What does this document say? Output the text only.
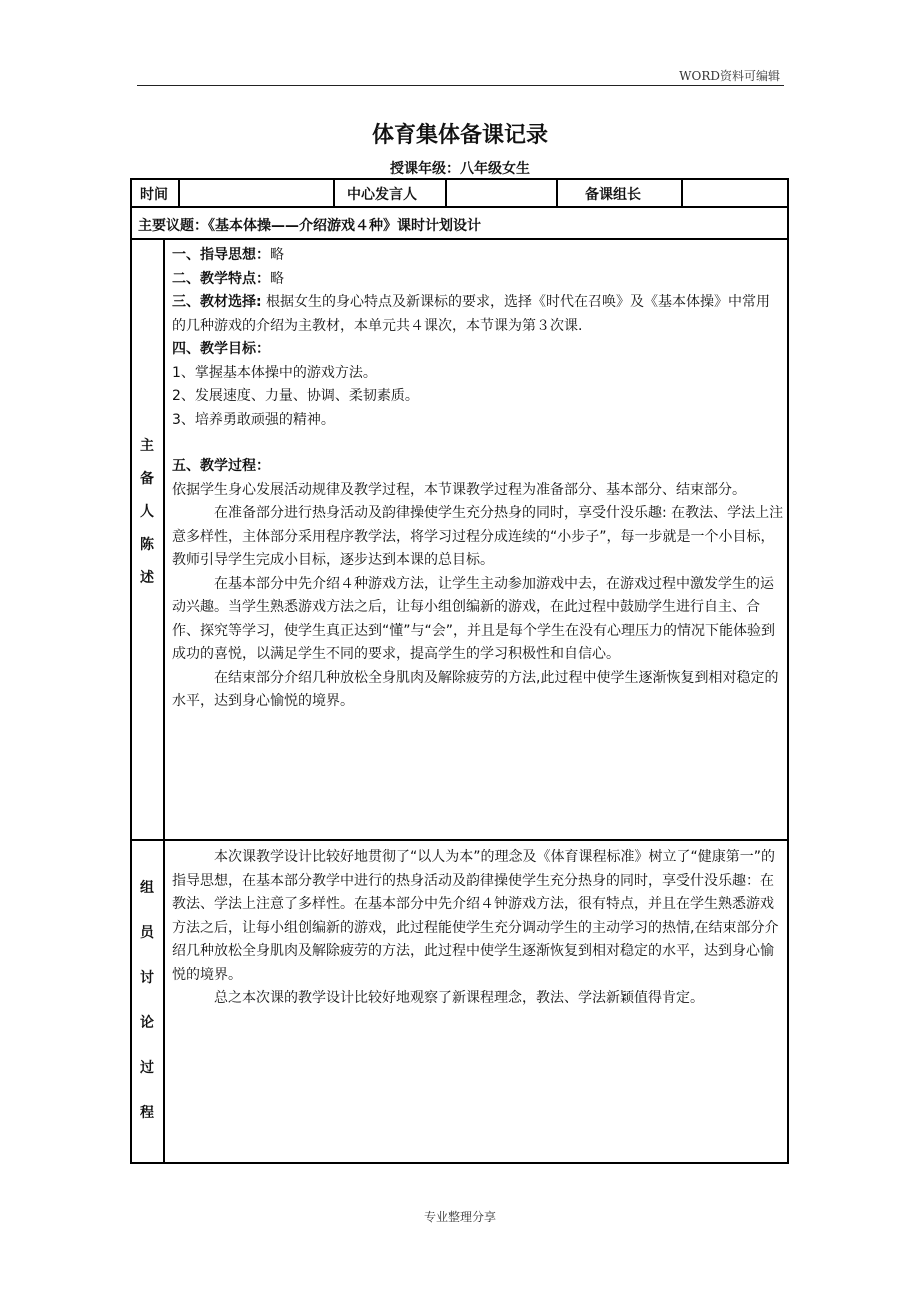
WORD资料可编辑
体育集体备课记录
授课年级：八年级女生
时间	中心发言人	备课组长
主要议题：《基本体操——介绍游戏４种》课时计划设计
主
备
人
陈
述

一、指导思想：略

二、教学特点：略

三、教材选择: 根据女生的身心特点及新课标的要求，选择《时代在召唤》及《基本体操》中常用的几种游戏的介绍为主教材，本单元共４课次，本节课为第３次课.

四、教学目标：

1、掌握基本体操中的游戏方法。

2、发展速度、力量、协调、柔韧素质。

3、培养勇敢顽强的精神。

五、教学过程：

依据学生身心发展活动规律及教学过程，本节课教学过程为准备部分、基本部分、结束部分。

在准备部分进行热身活动及韵律操使学生充分热身的同时，享受什没乐趣: 在教法、学法上注意多样性，主体部分采用程序教学法，将学习过程分成连续的“小步子”，每一步就是一个小目标，教师引导学生完成小目标，逐步达到本课的总目标。

在基本部分中先介绍４种游戏方法，让学生主动参加游戏中去，在游戏过程中激发学生的运动兴趣。当学生熟悉游戏方法之后，让每小组创编新的游戏，在此过程中鼓励学生进行自主、合作、探究等学习，使学生真正达到“懂”与“会”，并且是每个学生在没有心理压力的情况下能体验到成功的喜悦，以满足学生不同的要求，提高学生的学习积极性和自信心。

在结束部分介绍几种放松全身肌肉及解除疲劳的方法,此过程中使学生逐渐恢复到相对稳定的水平，达到身心愉悦的境界。

组
员
讨
论
过
程

本次课教学设计比较好地贯彻了“以人为本”的理念及《体育课程标准》树立了“健康第一”的指导思想，在基本部分教学中进行的热身活动及韵律操使学生充分热身的同时，享受什没乐趣：在教法、学法上注意了多样性。在基本部分中先介绍４钟游戏方法，很有特点，并且在学生熟悉游戏方法之后，让每小组创编新的游戏，此过程能使学生充分调动学生的主动学习的热情,在结束部分介绍几种放松全身肌肉及解除疲劳的方法，此过程中使学生逐渐恢复到相对稳定的水平，达到身心愉悦的境界。

总之本次课的教学设计比较好地观察了新课程理念，教法、学法新颖值得肯定。

专业整理分享
